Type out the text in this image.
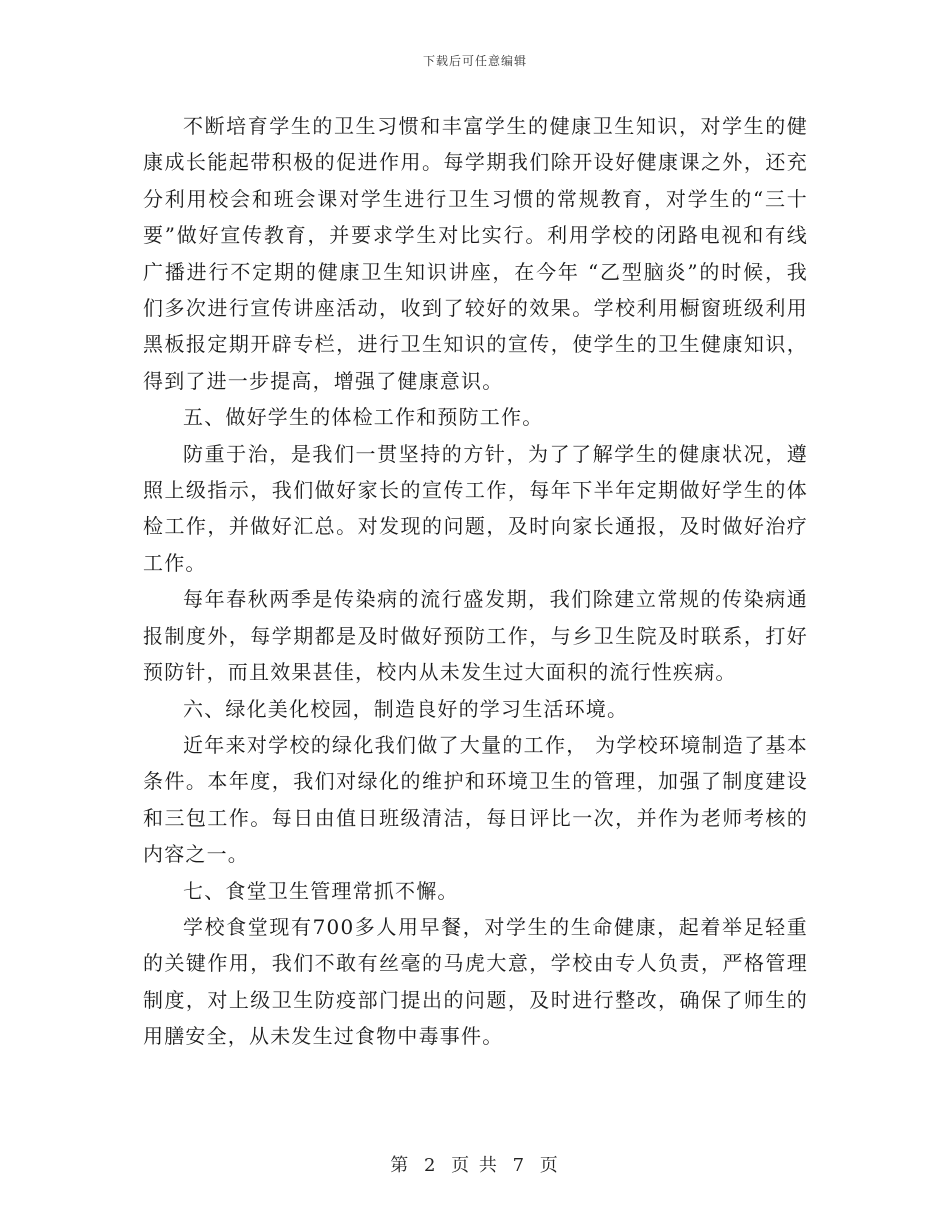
下载后可任意编辑

不断培育学生的卫生习惯和丰富学生的健康卫生知识，对学生的健康成长能起带积极的促进作用。每学期我们除开设好健康课之外，还充分利用校会和班会课对学生进行卫生习惯的常规教育，对学生的“三十要”做好宣传教育，并要求学生对比实行。利用学校的闭路电视和有线广播进行不定期的健康卫生知识讲座，在今年 “乙型脑炎”的时候，我们多次进行宣传讲座活动，收到了较好的效果。学校利用橱窗班级利用黑板报定期开辟专栏，进行卫生知识的宣传，使学生的卫生健康知识，得到了进一步提高，增强了健康意识。

五、做好学生的体检工作和预防工作。

防重于治，是我们一贯坚持的方针，为了了解学生的健康状况，遵照上级指示，我们做好家长的宣传工作，每年下半年定期做好学生的体检工作，并做好汇总。对发现的问题，及时向家长通报，及时做好治疗工作。

每年春秋两季是传染病的流行盛发期，我们除建立常规的传染病通报制度外，每学期都是及时做好预防工作，与乡卫生院及时联系，打好预防针，而且效果甚佳，校内从未发生过大面积的流行性疾病。

六、绿化美化校园，制造良好的学习生活环境。

近年来对学校的绿化我们做了大量的工作， 为学校环境制造了基本条件。本年度，我们对绿化的维护和环境卫生的管理，加强了制度建设和三包工作。每日由值日班级清洁，每日评比一次，并作为老师考核的内容之一。

七、食堂卫生管理常抓不懈。

学校食堂现有700多人用早餐，对学生的生命健康，起着举足轻重的关键作用，我们不敢有丝毫的马虎大意，学校由专人负责，严格管理制度，对上级卫生防疫部门提出的问题，及时进行整改，确保了师生的用膳安全，从未发生过食物中毒事件。

第 2 页 共 7 页
